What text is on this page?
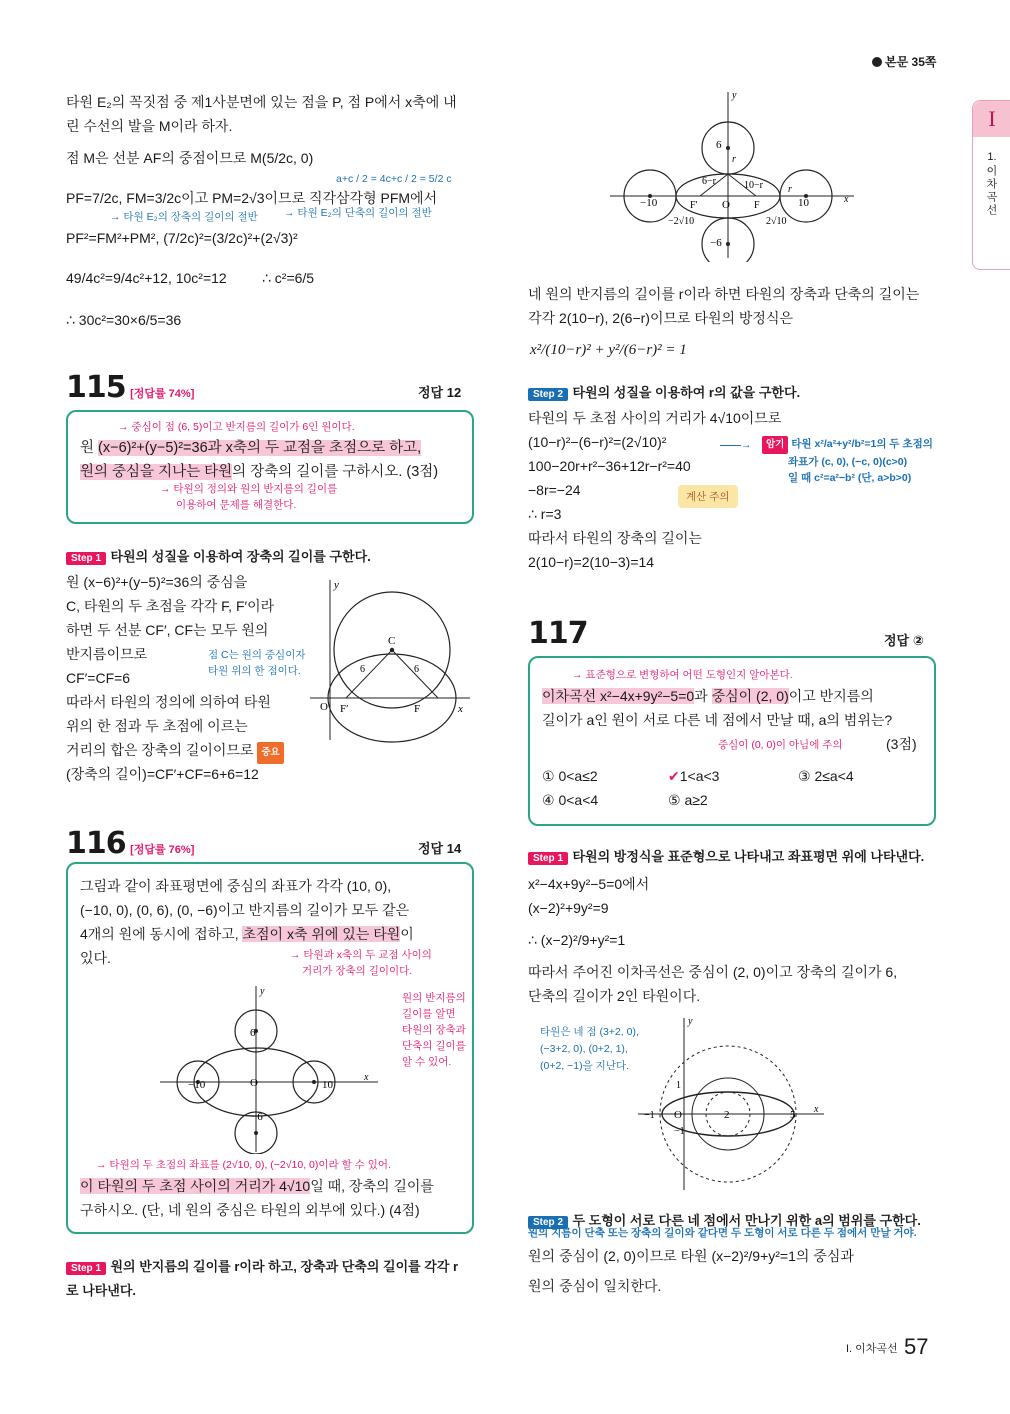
본문 35쪽
I
1.
이차곡선
타원 E₂의 꼭짓점 중 제1사분면에 있는 점을 P, 점 P에서 x축에 내
린 수선의 발을 M이라 하자.
점 M은 선분 AF의 중점이므로 M(5/2c, 0)
a+c / 2 = 4c+c / 2 = 5/2 c
PF=7/2c, FM=3/2c이고 PM=2√3이므로 직각삼각형 PFM에서
→ 타원 E₂의 장축의 길이의 절반	→ 타원 E₂의 단축의 길이의 절반
PF²=FM²+PM², (7/2c)²=(3/2c)²+(2√3)²
49/4c²=9/4c²+12, 10c²=12	∴ c²=6/5
∴ 30c²=30×6/5=36
115 [정답률 74%]	정답 12
→ 중심이 점 (6, 5)이고 반지름의 길이가 6인 원이다.
원 (x−6)²+(y−5)²=36과 x축의 두 교점을 초점으로 하고,
원의 중심을 지나는 타원의 장축의 길이를 구하시오. (3점)
→ 타원의 정의와 원의 반지름의 길이를
이용하여 문제를 해결한다.
Step 1 타원의 성질을 이용하여 장축의 길이를 구한다.
원 (x−6)²+(y−5)²=36의 중심을
C, 타원의 두 초점을 각각 F, F′이라
하면 두 선분 CF′, CF는 모두 원의
반지름이므로
CF′=CF=6
따라서 타원의 정의에 의하여 타원
위의 한 점과 두 초점에 이르는
거리의 합은 장축의 길이이므로 중요
(장축의 길이)=CF′+CF=6+6=12
점 C는 원의 중심이자
타원 위의 한 점이다.
y
x
O
C
F′	F
6	6
116 [정답률 76%]	정답 14
그림과 같이 좌표평면에 중심의 좌표가 각각 (10, 0),
(−10, 0), (0, 6), (0, −6)이고 반지름의 길이가 모두 같은
4개의 원에 동시에 접하고, 초점이 x축 위에 있는 타원이
있다.	→ 타원과 x축의 두 교점 사이의
거리가 장축의 길이이다.
원의 반지름의
길이를 알면
타원의 장축과
단축의 길이를
알 수 있어.
y
x
O
6
−6
10
−10
→ 타원의 두 초점의 좌표를 (2√10, 0), (−2√10, 0)이라 할 수 있어.
이 타원의 두 초점 사이의 거리가 4√10일 때, 장축의 길이를
구하시오. (단, 네 원의 중심은 타원의 외부에 있다.) (4점)
Step 1 원의 반지름의 길이를 r이라 하고, 장축과 단축의 길이를 각각 r
로 나타낸다.
y
x
O
6
−6
10
−10
r
r
6−r	10−r
F′	F
−2√10	2√10
네 원의 반지름의 길이를 r이라 하면 타원의 장축과 단축의 길이는
각각 2(10−r), 2(6−r)이므로 타원의 방정식은
x²/(10−r)² + y²/(6−r)² = 1
Step 2 타원의 성질을 이용하여 r의 값을 구한다.
타원의 두 초점 사이의 거리가 4√10이므로
(10−r)²−(6−r)²=(2√10)²
100−20r+r²−36+12r−r²=40
−8r=−24
∴ r=3
따라서 타원의 장축의 길이는
2(10−r)=2(10−3)=14
——→	암기 타원 x²/a²+y²/b²=1의 두 초점의
좌표가 (c, 0), (−c, 0)(c>0)
일 때 c²=a²−b² (단, a>b>0)
계산 주의
117	정답 ②
→ 표준형으로 변형하여 어떤 도형인지 알아본다.
이차곡선 x²−4x+9y²−5=0과 중심이 (2, 0)이고 반지름의
길이가 a인 원이 서로 다른 네 점에서 만날 때, a의 범위는?
중심이 (0, 0)이 아님에 주의	(3점)
① 0<a≤2	✔1<a<3	③ 2≤a<4
④ 0<a<4	⑤ a≥2
Step 1 타원의 방정식을 표준형으로 나타내고 좌표평면 위에 나타낸다.
x²−4x+9y²−5=0에서
(x−2)²+9y²=9
∴ (x−2)²/9+y²=1
따라서 주어진 이차곡선은 중심이 (2, 0)이고 장축의 길이가 6,
단축의 길이가 2인 타원이다.
타원은 네 점 (3+2, 0),
(−3+2, 0), (0+2, 1),
(0+2, −1)을 지난다.
y
x
O
1
−1
2	5
−1
Step 2 두 도형이 서로 다른 네 점에서 만나기 위한 a의 범위를 구한다.
원의 지름이 단축 또는 장축의 길이와 같다면 두 도형이 서로 다른 두 점에서 만날 거야.
원의 중심이 (2, 0)이므로 타원 (x−2)²/9+y²=1의 중심과
원의 중심이 일치한다.
I. 이차곡선 57
